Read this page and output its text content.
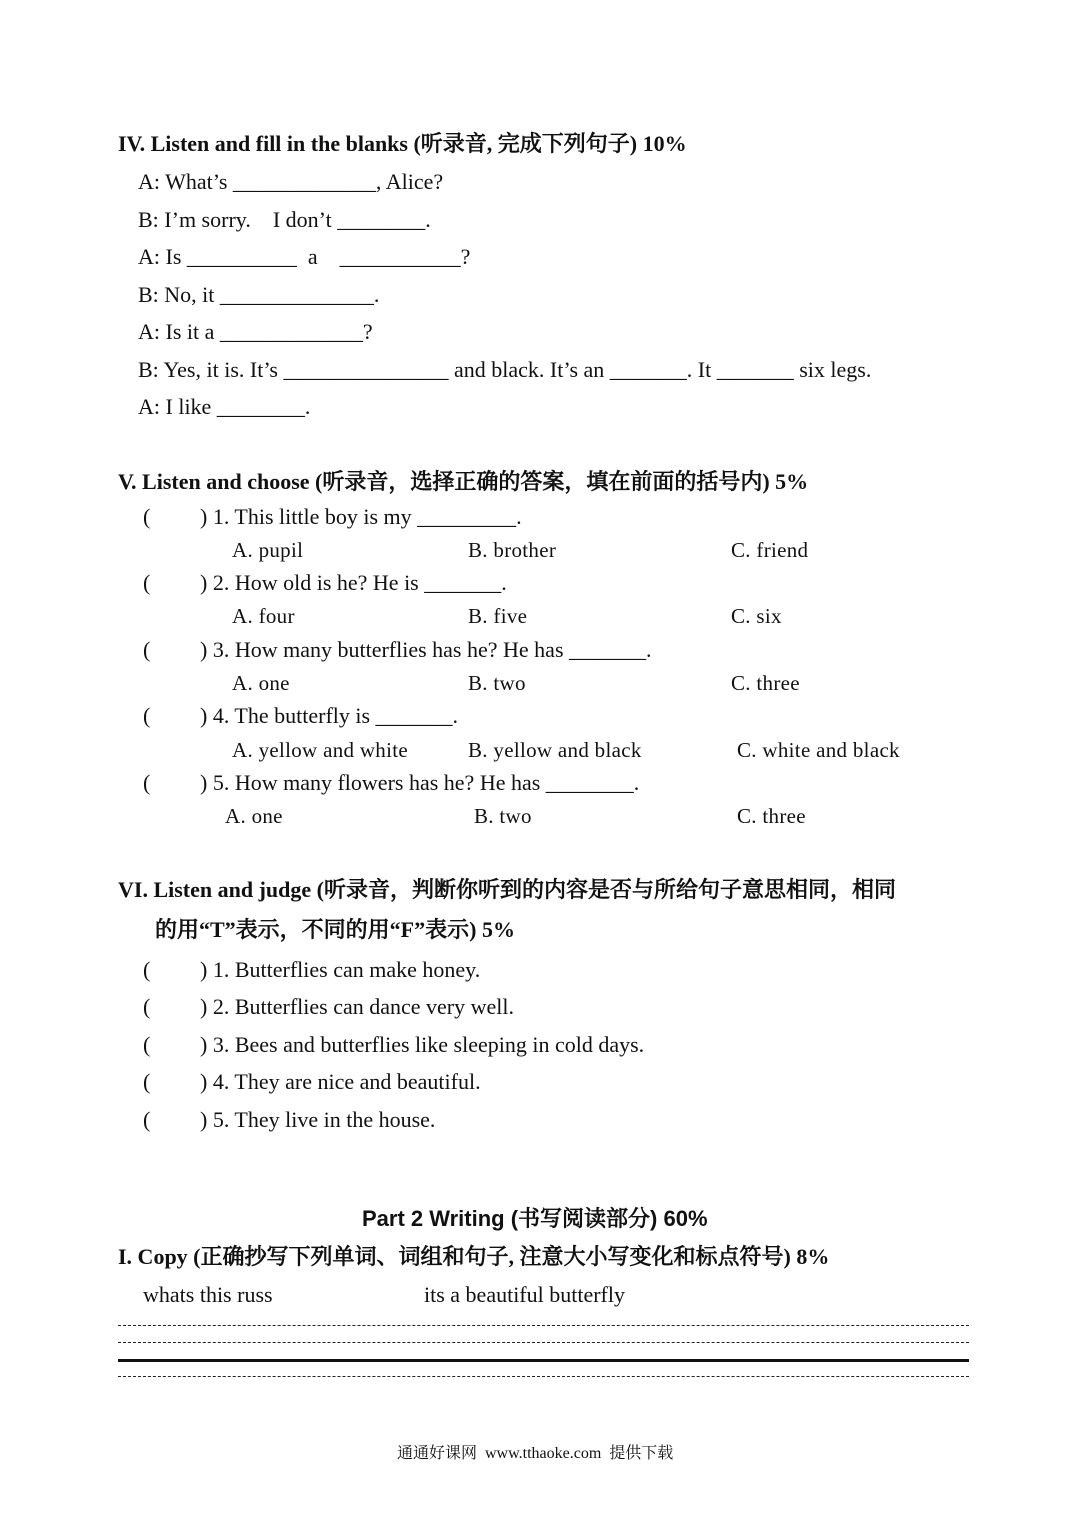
IV. Listen and fill in the blanks (听录音, 完成下列句子) 10%
A: What’s _____________, Alice?
B: I’m sorry.    I don’t ________.
A: Is __________  a    ___________?
B: No, it ______________.
A: Is it a _____________?
B: Yes, it is. It’s _______________ and black. It’s an _______. It _______ six legs.
A: I like ________.
V. Listen and choose (听录音，选择正确的答案，填在前面的括号内) 5%
( ) 1. This little boy is my _________.
A. pupil	B. brother	C. friend
( ) 2. How old is he? He is _______.
A. four	B. five	C. six
( ) 3. How many butterflies has he? He has _______.
A. one	B. two	C. three
( ) 4. The butterfly is _______.
A. yellow and white	B. yellow and black	C. white and black
( ) 5. How many flowers has he? He has ________.
A. one	B. two	C. three
VI. Listen and judge (听录音，判断你听到的内容是否与所给句子意思相同，相同
的用“T”表示，不同的用“F”表示) 5%
( ) 1. Butterflies can make honey.
( ) 2. Butterflies can dance very well.
( ) 3. Bees and butterflies like sleeping in cold days.
( ) 4. They are nice and beautiful.
( ) 5. They live in the house.
Part 2 Writing (书写阅读部分) 60%
I. Copy (正确抄写下列单词、词组和句子, 注意大小写变化和标点符号) 8%
whats this russ	its a beautiful butterfly
通通好课网  www.tthaoke.com  提供下载
